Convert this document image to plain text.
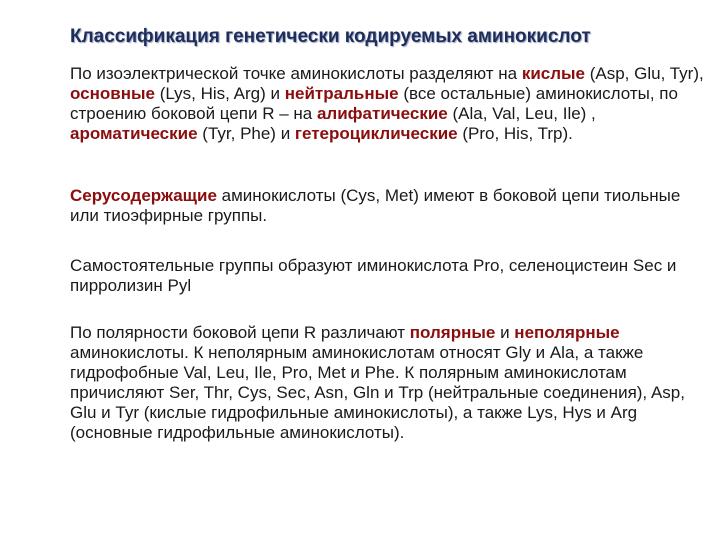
Классификация генетически кодируемых аминокислот
По изоэлектрической точке аминокислоты разделяют на кислые (Asp, Glu, Tyr), основные (Lys, His, Arg) и нейтральные (все остальные) аминокислоты, по строению боковой цепи R – на алифатические (Ala, Val, Leu, Ile) , ароматические (Tyr, Phe) и гетероциклические (Pro, His, Trp).
Серусодержащие аминокислоты (Cys, Met) имеют в боковой цепи тиольные или тиоэфирные группы.
Самостоятельные группы образуют иминокислота Pro, селеноцистеин Sec и пирролизин Pyl
По полярности боковой цепи R различают полярные и неполярные аминокислоты. К неполярным аминокислотам относят Gly и Ala, а также гидрофобные Val, Leu, Ile, Pro, Met и Phe. К полярным аминокислотам причисляют Ser, Thr, Cys, Sec, Asn, Gln и Trp (нейтральные соединения), Asp, Glu и Tyr (кислые гидрофильные аминокислоты), а также Lys, Hys и Arg (основные гидрофильные аминокислоты).
